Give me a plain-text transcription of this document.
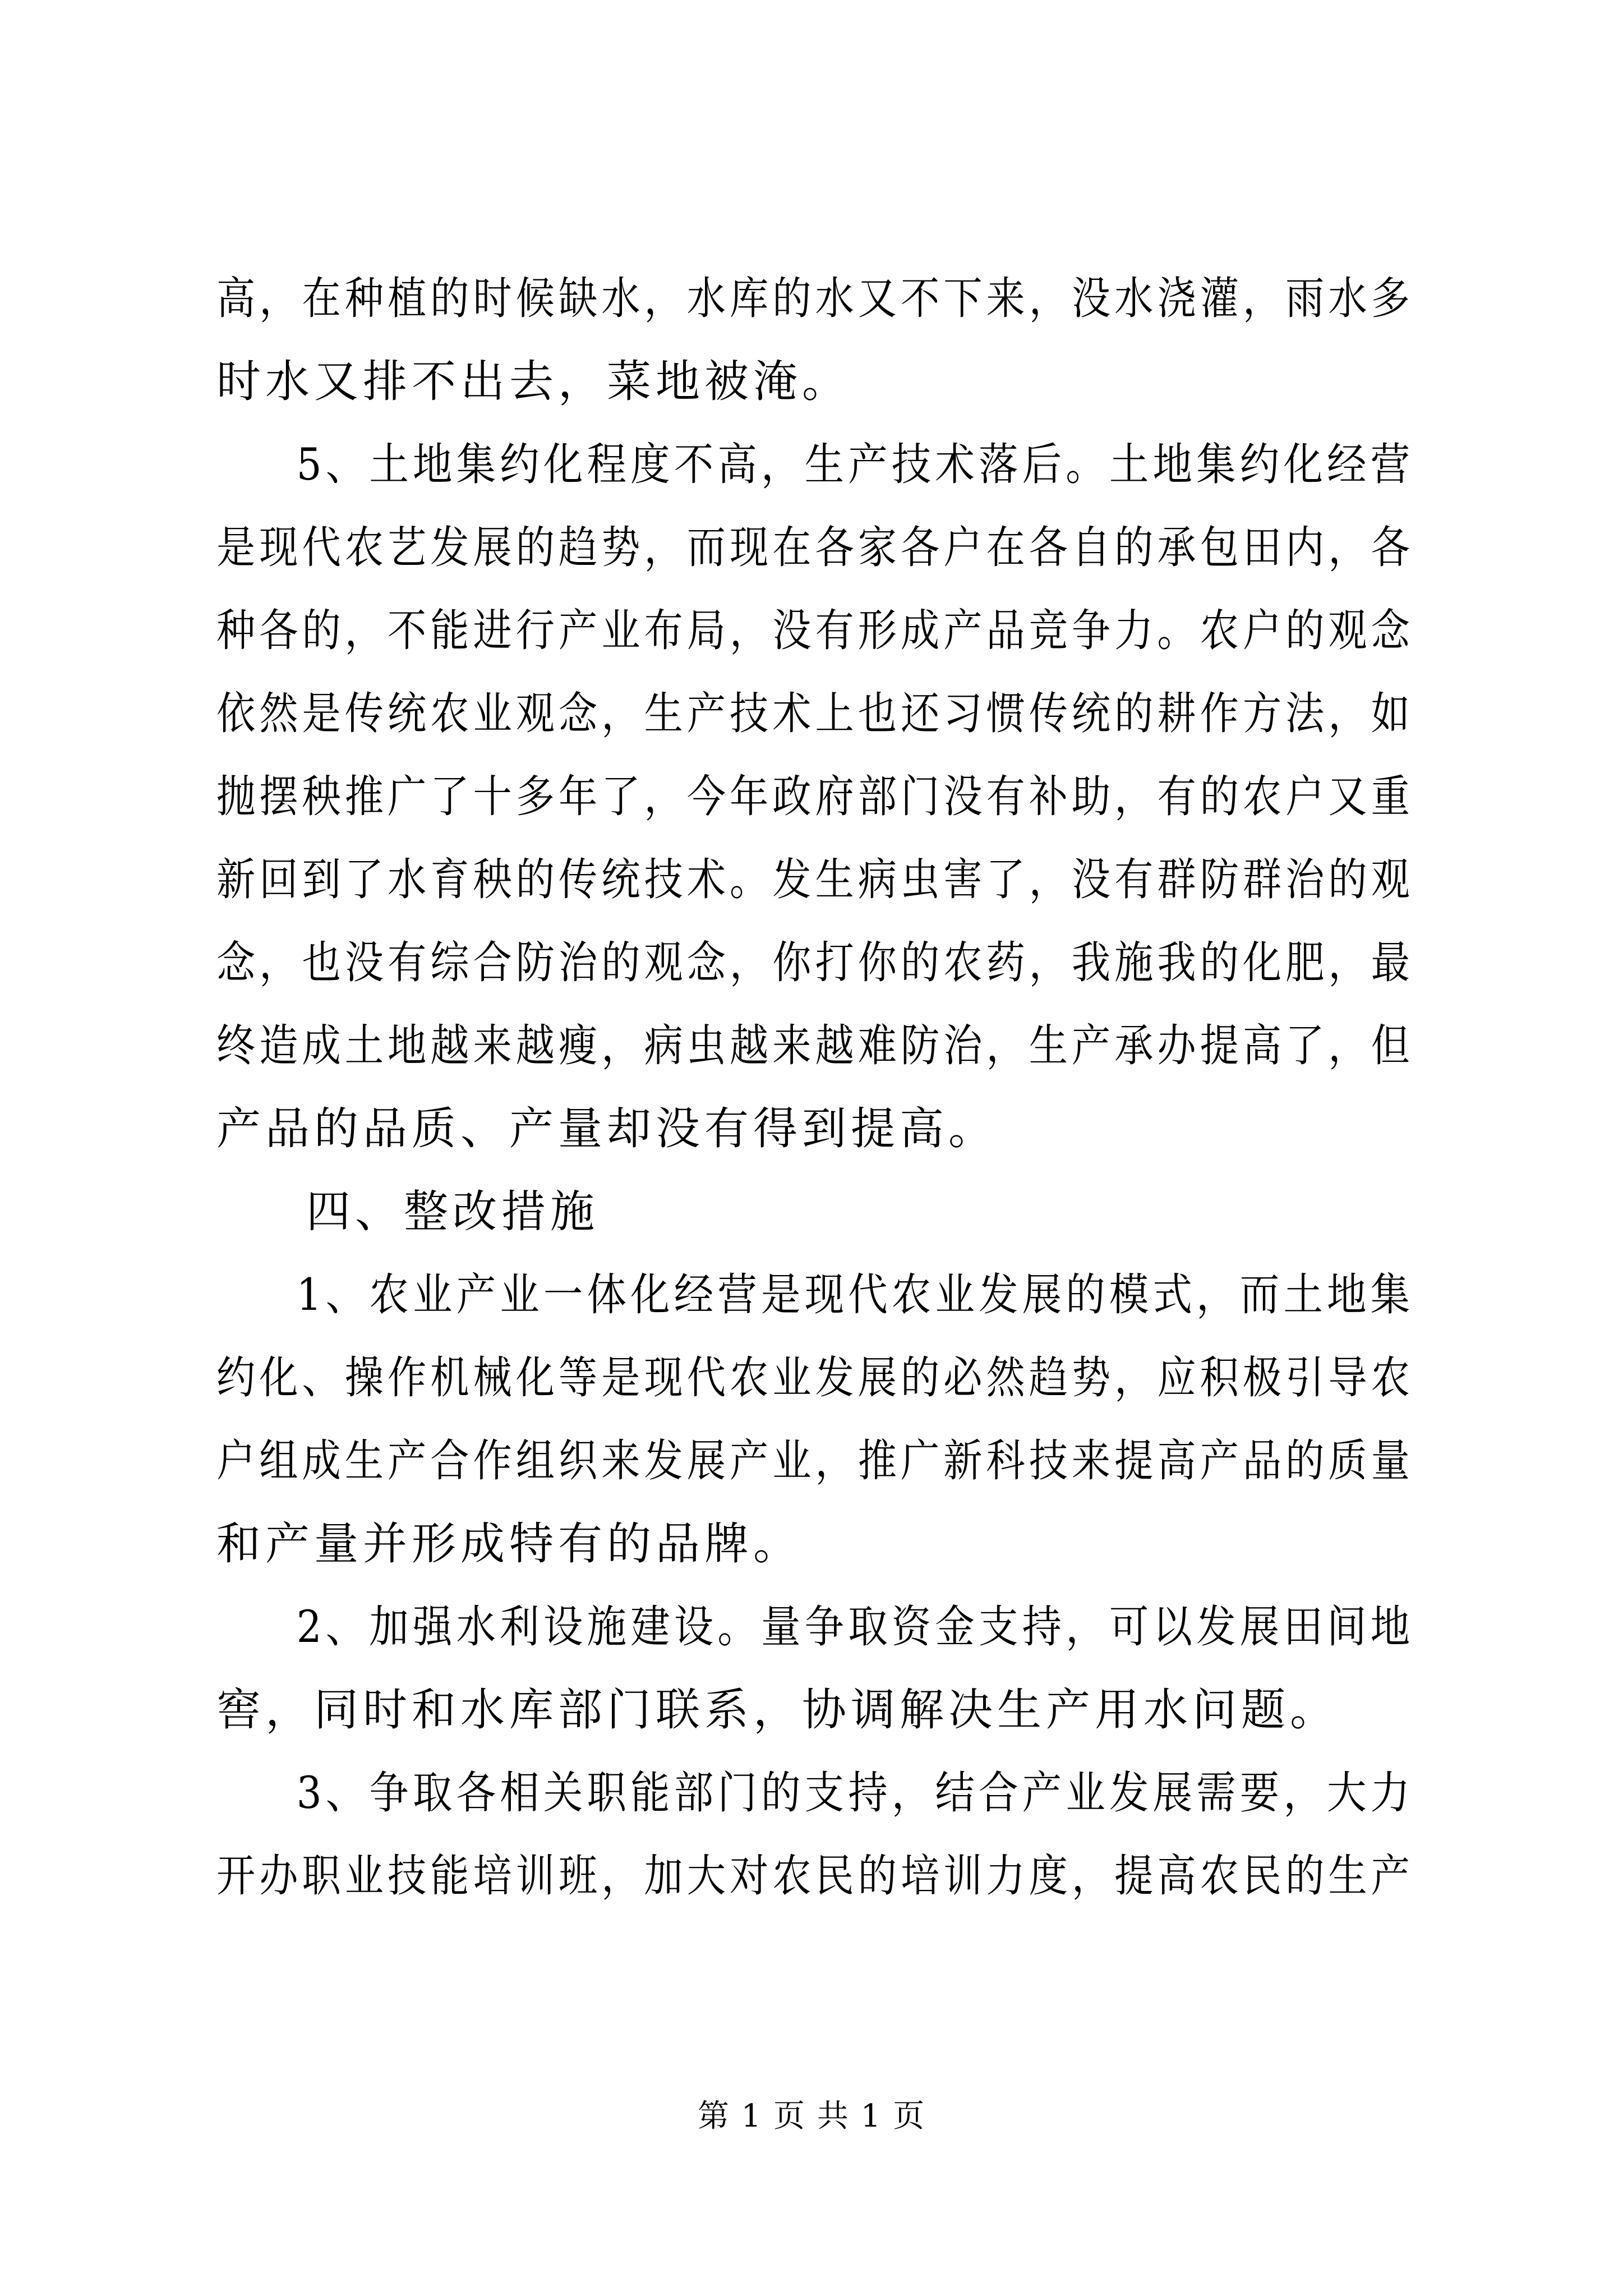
高，在种植的时候缺水，水库的水又不下来，没水浇灌，雨水多
时水又排不出去，菜地被淹。
5、土地集约化程度不高，生产技术落后。土地集约化经营
是现代农艺发展的趋势，而现在各家各户在各自的承包田内，各
种各的，不能进行产业布局，没有形成产品竞争力。农户的观念
依然是传统农业观念，生产技术上也还习惯传统的耕作方法，如
抛摆秧推广了十多年了，今年政府部门没有补助，有的农户又重
新回到了水育秧的传统技术。发生病虫害了，没有群防群治的观
念，也没有综合防治的观念，你打你的农药，我施我的化肥，最
终造成土地越来越瘦，病虫越来越难防治，生产承办提高了，但
产品的品质、产量却没有得到提高。
四、整改措施
1、农业产业一体化经营是现代农业发展的模式，而土地集
约化、操作机械化等是现代农业发展的必然趋势，应积极引导农
户组成生产合作组织来发展产业，推广新科技来提高产品的质量
和产量并形成特有的品牌。
2、加强水利设施建设。量争取资金支持，可以发展田间地
窖，同时和水库部门联系，协调解决生产用水问题。
3、争取各相关职能部门的支持，结合产业发展需要，大力
开办职业技能培训班，加大对农民的培训力度，提高农民的生产
第 1 页 共 1 页
